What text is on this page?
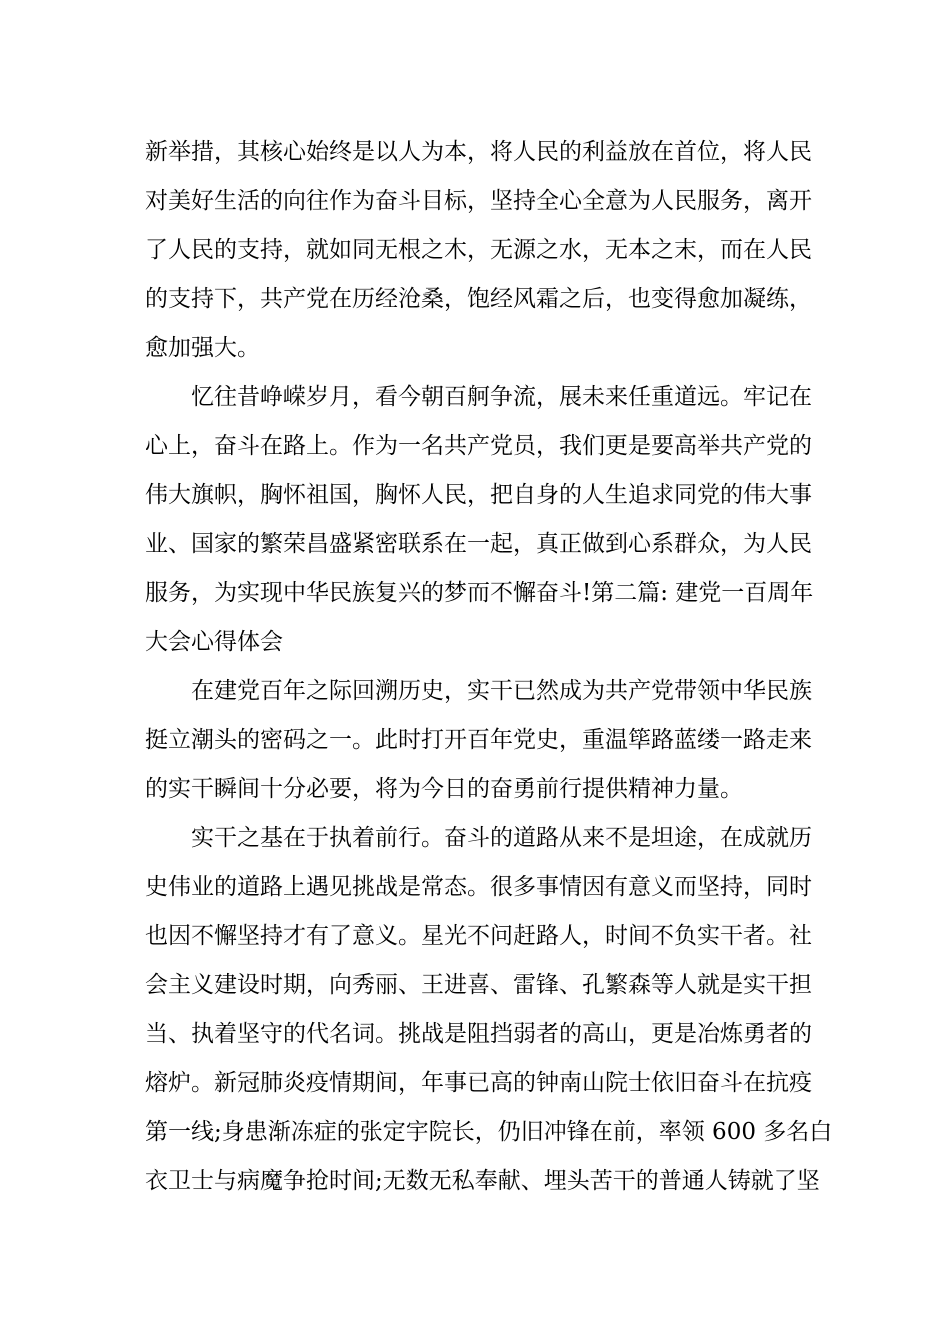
新举措，其核心始终是以人为本，将人民的利益放在首位，将人民
对美好生活的向往作为奋斗目标，坚持全心全意为人民服务，离开
了人民的支持，就如同无根之木，无源之水，无本之末，而在人民
的支持下，共产党在历经沧桑，饱经风霜之后，也变得愈加凝练，
愈加强大。
忆往昔峥嵘岁月，看今朝百舸争流，展未来任重道远。牢记在
心上，奋斗在路上。作为一名共产党员，我们更是要高举共产党的
伟大旗帜，胸怀祖国，胸怀人民，把自身的人生追求同党的伟大事
业、国家的繁荣昌盛紧密联系在一起，真正做到心系群众，为人民
服务，为实现中华民族复兴的梦而不懈奋斗!第二篇: 建党一百周年
大会心得体会
在建党百年之际回溯历史，实干已然成为共产党带领中华民族
挺立潮头的密码之一。此时打开百年党史，重温筚路蓝缕一路走来
的实干瞬间十分必要，将为今日的奋勇前行提供精神力量。
实干之基在于执着前行。奋斗的道路从来不是坦途，在成就历
史伟业的道路上遇见挑战是常态。很多事情因有意义而坚持，同时
也因不懈坚持才有了意义。星光不问赶路人，时间不负实干者。社
会主义建设时期，向秀丽、王进喜、雷锋、孔繁森等人就是实干担
当、执着坚守的代名词。挑战是阻挡弱者的高山，更是冶炼勇者的
熔炉。新冠肺炎疫情期间，年事已高的钟南山院士依旧奋斗在抗疫
第一线;身患渐冻症的张定宇院长，仍旧冲锋在前，率领 600 多名白
衣卫士与病魔争抢时间;无数无私奉献、埋头苦干的普通人铸就了坚
